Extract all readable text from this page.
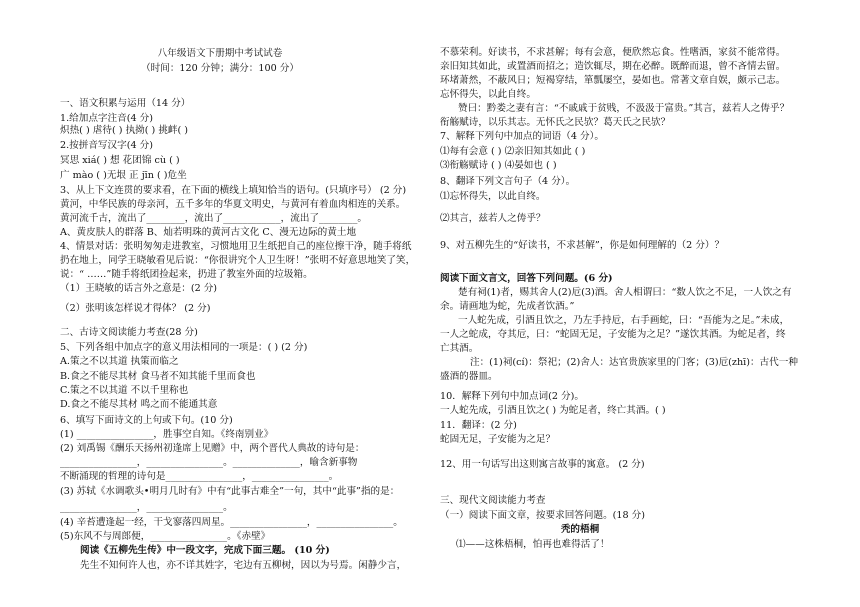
八年级语文下册期中考试试卷
（时间：120 分钟；满分：100 分）
一、语文积累与运用（14 分）
1.给加点字注音(4 分)
炽热( ) 虐待( ) 执拗( ) 挑衅( )
2.按拼音写汉字(4 分)
冥思 xiá( ) 想 花团锦 cù ( )
广 mào ( )无垠 正 jīn ( )危坐
3、从上下文连贯的要求看，在下面的横线上填知恰当的语句。(只填序号） (2 分)
黄河，中华民族的母亲河，五千多年的华夏文明史，与黄河有着血肉相连的关系。
黄河流千古，流出了________，流出了____________，流出了________。
A、黄皮肤人的群落 B、灿若明珠的黄河古文化 C、漫无边际的黄土地
4、情景对话：张明匆匆走进教室，习惯地用卫生纸把自己的座位擦干净，随手将纸
扔在地上，同学王晓敏看见后说：“你很讲究个人卫生呀！”张明不好意思地笑了笑，
说：“ ……”随手将纸团捡起来，扔进了教室外面的垃圾箱。
（1）王晓敏的话言外之意是：(2 分)
（2）张明该怎样说才得体？ (2 分)
二、古诗文阅读能力考查(28 分)
5、下列各组中加点字的意义用法相同的一项是：( ) (2 分)
A.策之不以其道 执策而临之
B.食之不能尽其材 食马者不知其能千里而食也
C.策之不以其道 不以千里称也
D.食之不能尽其材 鸣之而不能通其意
6、填写下面诗文的上句或下句。(10 分)
(1) ________________，胜事空自知。《终南别业》
(2) 刘禹锡《酬乐天扬州初逢席上见赠》中，两个晋代人典故的诗句是：
________________，________________。______________，喻含新事物
不断涌现的哲理的诗句是________________，________________。
(3) 苏轼《水调歌头•明月几时有》中有“此事古难全”一句，其中“此事”指的是：
________________，________________。
(4) 辛苔遭逢起一经，干戈寥落四周星。________________，________________。
(5)东风不与周郎便，________________。《赤壁》
阅读《五柳先生传》中一段文字，完成下面三题。 (10 分)
先生不知何许人也，亦不详其姓字，宅边有五柳树，因以为号焉。闲静少言，
不慕荣利。好读书，不求甚解；每有会意，便欣然忘食。性嗜酒，家贫不能常得。
亲旧知其如此，或置酒而招之；造饮辄尽，期在必醉。既醉而退，曾不吝情去留。
环堵萧然，不蔽风日；短褐穿结，箪瓢屡空，晏如也。常著文章自娱，颇示己志。
忘怀得失，以此自终。
赞曰：黔娄之妻有言：“不戚戚于贫贱，不汲汲于富贵。”其言，兹若人之俦乎？
衔觞赋诗，以乐其志。无怀氏之民欤？葛天氏之民欤？
7、解释下列句中加点的词语（4 分）。
⑴每有会意 ( ) ⑵亲旧知其如此 ( )
⑶衔觞赋诗 ( ) ⑷晏如也 ( )
8、翻译下列文言句子（4 分）。
⑴忘怀得失，以此自终。
⑵其言，兹若人之俦乎？
9、对五柳先生的“好读书，不求甚解”，你是如何理解的（2 分）？
阅读下面文言文，回答下列问题。(6 分)
楚有祠(1)者，赐其舍人(2)卮(3)酒。舍人相谓曰：“数人饮之不足，一人饮之有
余。请画地为蛇，先成者饮酒。”
一人蛇先成，引酒且饮之，乃左手持卮，右手画蛇，曰：“吾能为之足。”未成，
一人之蛇成，夺其卮，曰：“蛇固无足，子安能为之足？”遂饮其酒。为蛇足者，终
亡其酒。
注：(1)祠(cí)：祭祀；(2)舍人：达官贵族家里的门客；(3)卮(zhī)：古代一种
盛酒的器皿。
10．解释下列句中加点词(2 分)。
一人蛇先成，引酒且饮之( ) 为蛇足者，终亡其酒。( )
11．翻译：(2 分)
蛇固无足，子安能为之足？
12、用一句话写出这则寓言故事的寓意。 (2 分)
三、现代文阅读能力考查
（一）阅读下面文章，按要求回答问题。(18 分)
秃的梧桐
⑴——这株梧桐，怕再也难得活了！
